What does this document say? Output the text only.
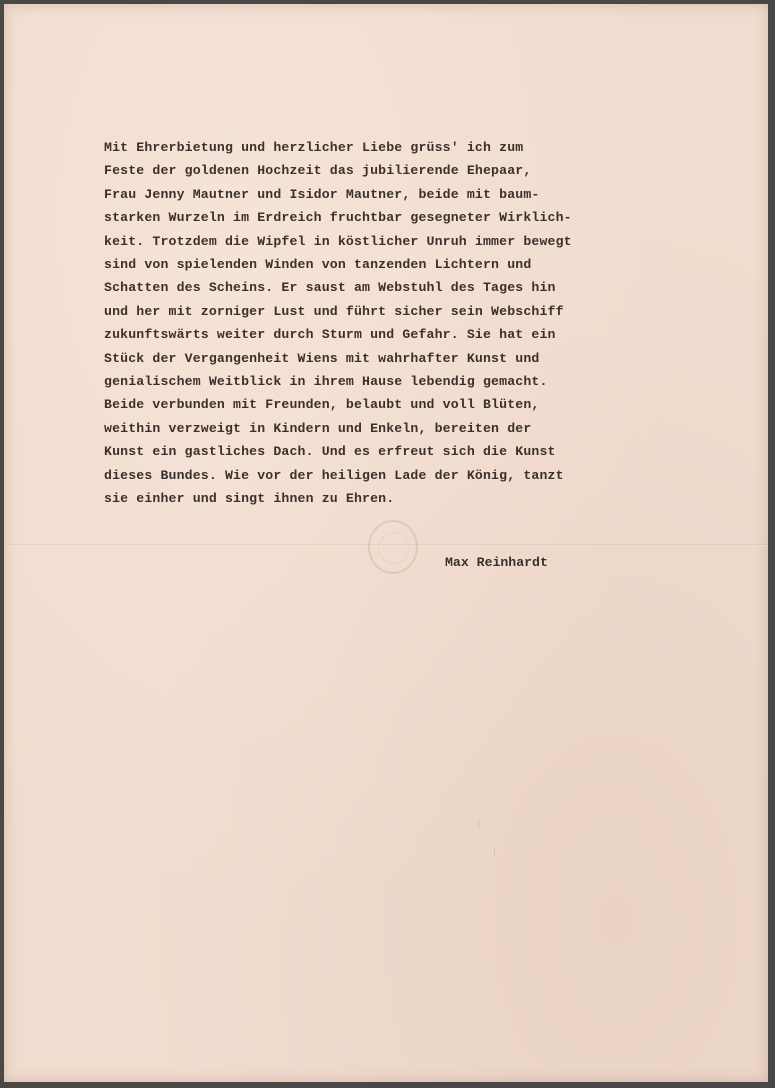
Mit Ehrerbietung und herzlicher Liebe grüss' ich zum
Feste der goldenen Hochzeit das jubilierende Ehepaar,
Frau Jenny Mautner und Isidor Mautner, beide mit baum-
starken Wurzeln im Erdreich fruchtbar gesegneter Wirklich-
keit. Trotzdem die Wipfel in köstlicher Unruh immer bewegt
sind von spielenden Winden von tanzenden Lichtern und
Schatten des Scheins. Er saust am Webstuhl des Tages hin
und her mit zorniger Lust und führt sicher sein Webschiff
zukunftswärts weiter durch Sturm und Gefahr. Sie hat ein
Stück der Vergangenheit Wiens mit wahrhafter Kunst und
genialischem Weitblick in ihrem Hause lebendig gemacht.
Beide verbunden mit Freunden, belaubt und voll Blüten,
weithin verzweigt in Kindern und Enkeln, bereiten der
Kunst ein gastliches Dach. Und es erfreut sich die Kunst
dieses Bundes. Wie vor der heiligen Lade der König, tanzt
sie einher und singt ihnen zu Ehren.

Max Reinhardt
